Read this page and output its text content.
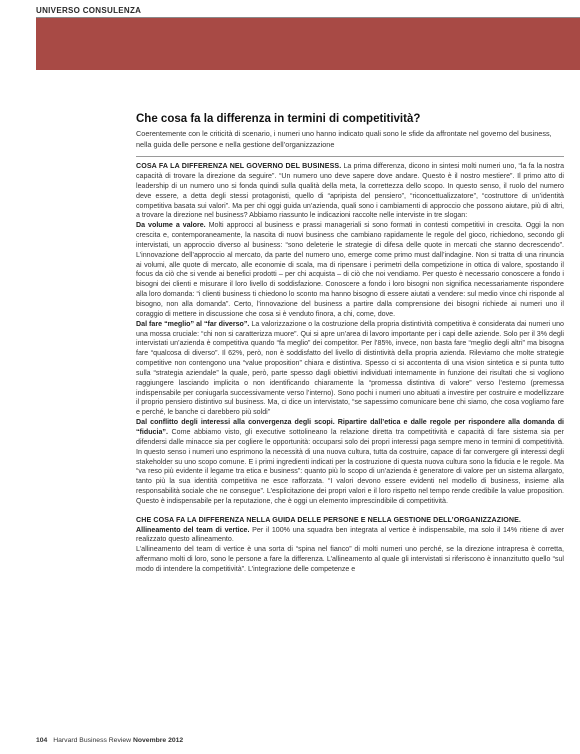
UNIVERSO CONSULENZA
Che cosa fa la differenza in termini di competitività?
Coerentemente con le criticità di scenario, i numeri uno hanno indicato quali sono le sfide da affrontate nel governo del business, nella guida delle persone e nella gestione dell’organizzazione

COSA FA LA DIFFERENZA NEL GOVERNO DEL BUSINESS. La prima differenza, dicono in sintesi molti numeri uno, “la fa la nostra capacità di trovare la direzione da seguire”. “Un numero uno deve sapere dove andare. Questo è il nostro mestiere”. Il primo atto di leadership di un numero uno si fonda quindi sulla qualità della meta, la correttezza dello scopo. In questo senso, il ruolo del numero deve essere, a detta degli stessi protagonisti, quello di “apripista del pensiero”, “riconcettualizzatore”, “costruttore di un’identità competitiva basata sui valori”. Ma per chi oggi guida un’azienda, quali sono i cambiamenti di approccio che possono aiutare, più di altri, a trovare la direzione nel business? Abbiamo riassunto le indicazioni raccolte nelle interviste in tre slogan:

Da volume a valore. Molti approcci al business e prassi manageriali si sono formati in contesti competitivi in crescita. Oggi la non crescita e, contemporaneamente, la nascita di nuovi business che cambiano rapidamente le regole del gioco, richiedono, secondo gli intervistati, un approccio diverso al business: “sono deleterie le strategie di difesa delle quote in mercati che stanno decrescendo”. L’innovazione dell’approccio al mercato, da parte del numero uno, emerge come primo must dall’indagine. Non si tratta di una rinuncia ai volumi, alle quote di mercato, alle economie di scala, ma di ripensare i perimetri della competizione in ottica di valore, spostando il focus da ciò che si vende ai benefici prodotti – per chi acquista – di ciò che noi vendiamo. Per questo è necessario conoscere a fondo i bisogni dei clienti e misurare il loro livello di soddisfazione. Conoscere a fondo i loro bisogni non significa necessariamente rispondere alla loro domanda: “i clienti business ti chiedono lo sconto ma hanno bisogno di essere aiutati a vendere: sul medio vince chi risponde al bisogno, non alla domanda”. Certo, l’innovazione del business a partire dalla comprensione dei bisogni richiede ai numeri uno il coraggio di mettere in discussione che cosa si è venduto finora, a chi, come, dove.

Dal fare “meglio” al “far diverso”. La valorizzazione o la costruzione della propria distintività competitiva è considerata dai numeri uno una mossa cruciale: “chi non si caratterizza muore”. Qui si apre un’area di lavoro importante per i capi delle aziende. Solo per il 3% degli intervistati un’azienda è competitiva quando “fa meglio” dei competitor. Per l’85%, invece, non basta fare “meglio degli altri” ma bisogna fare “qualcosa di diverso”. Il 62%, però, non è soddisfatto del livello di distintività della propria azienda. Rileviamo che molte strategie competitive non contengono una “value proposition” chiara e distintiva. Spesso ci si accontenta di una vision sintetica e si punta tutto sulla “strategia aziendale” la quale, però, parte spesso dagli obiettivi individuati internamente in funzione dei risultati che si vogliono raggiungere lasciando implicita o non identificando chiaramente la “promessa distintiva di valore” verso l’esterno (premessa indispensabile per coniugarla successivamente verso l’interno). Sono pochi i numeri uno abituati a investire per costruire e modellizzare il proprio pensiero distintivo sul business. Ma, ci dice un intervistato, “se sapessimo comunicare bene chi siamo, che cosa vogliamo fare e perché, le banche ci darebbero più soldi”

Dal conflitto degli interessi alla convergenza degli scopi. Ripartire dall’etica e dalle regole per rispondere alla domanda di “fiducia”. Come abbiamo visto, gli executive sottolineano la relazione diretta tra competitività e capacità di fare sistema sia per difendersi dalle minacce sia per cogliere le opportunità: occuparsi solo dei propri interessi paga sempre meno in termini di competitività. In questo senso i numeri uno esprimono la necessità di una nuova cultura, tutta da costruire, capace di far convergere gli interessi degli stakeholder su uno scopo comune. E i primi ingredienti indicati per la costruzione di questa nuova cultura sono la fiducia e le regole. Ma “va reso più evidente il legame tra etica e business”: quanto più lo scopo di un’azienda è generatore di valore per un sistema allargato, tanto più la sua identità competitiva ne esce rafforzata. “I valori devono essere evidenti nel modello di business, insieme alla responsabilità sociale che ne consegue”. L’esplicitazione dei propri valori e il loro rispetto nel tempo rende credibile la value proposition. Questo è indispensabile per la reputazione, che è oggi un elemento imprescindibile di competitività.

CHE COSA FA LA DIFFERENZA NELLA GUIDA DELLE PERSONE E NELLA GESTIONE DELL’ORGANIZZAZIONE.
Allineamento del team di vertice. Per il 100% una squadra ben integrata al vertice è indispensabile, ma solo il 14% ritiene di aver realizzato questo allineamento.

L’allineamento del team di vertice è una sorta di “spina nel fianco” di molti numeri uno perché, se la direzione intrapresa è corretta, affermano molti di loro, sono le persone a fare la differenza. L’allineamento al quale gli intervistati si riferiscono è innanzitutto quello “sul modo di intendere la competitività”. L’integrazione delle competenze e

104 Harvard Business Review Novembre 2012
